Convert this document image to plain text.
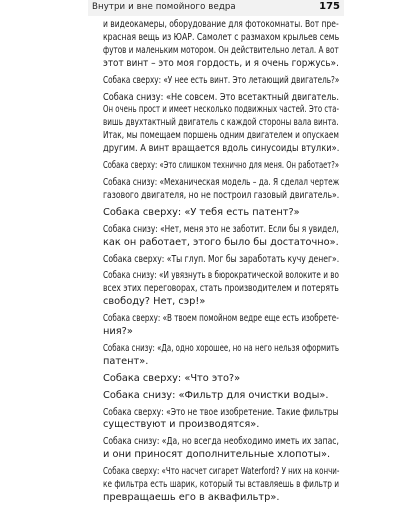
Внутри и вне помойного ведра	175
и видеокамеры, оборудование для фотокомнаты. Вот пре-
красная вещь из ЮАР. Самолет с размахом крыльев семь
футов и маленьким мотором. Он действительно летал. А вот
этот винт – это моя гордость, и я очень горжусь».
Собака сверху: «У нее есть винт. Это летающий двигатель?»
Собака снизу: «Не совсем. Это всетактный двигатель.
Он очень прост и имеет несколько подвижных частей. Это ста-
вишь двухтактный двигатель с каждой стороны вала винта.
Итак, мы помещаем поршень одним двигателем и опускаем
другим. А винт вращается вдоль синусоиды втулки».
Собака сверху: «Это слишком технично для меня. Он работает?»
Собака снизу: «Механическая модель – да. Я сделал чертеж
газового двигателя, но не построил газовый двигатель».
Собака сверху: «У тебя есть патент?»
Собака снизу: «Нет, меня это не заботит. Если бы я увидел,
как он работает, этого было бы достаточно».
Собака сверху: «Ты глуп. Мог бы заработать кучу денег».
Собака снизу: «И увязнуть в бюрократической волоките и во
всех этих переговорах, стать производителем и потерять
свободу? Нет, сэр!»
Собака сверху: «В твоем помойном ведре еще есть изобрете-
ния?»
Собака снизу: «Да, одно хорошее, но на него нельзя оформить
патент».
Собака сверху: «Что это?»
Собака снизу: «Фильтр для очистки воды».
Собака сверху: «Это не твое изобретение. Такие фильтры
существуют и производятся».
Собака снизу: «Да, но всегда необходимо иметь их запас,
и они приносят дополнительные хлопоты».
Собака сверху: «Что насчет сигарет Waterford? У них на кончи-
ке фильтра есть шарик, который ты вставляешь в фильтр и
превращаешь его в аквафильтр».
